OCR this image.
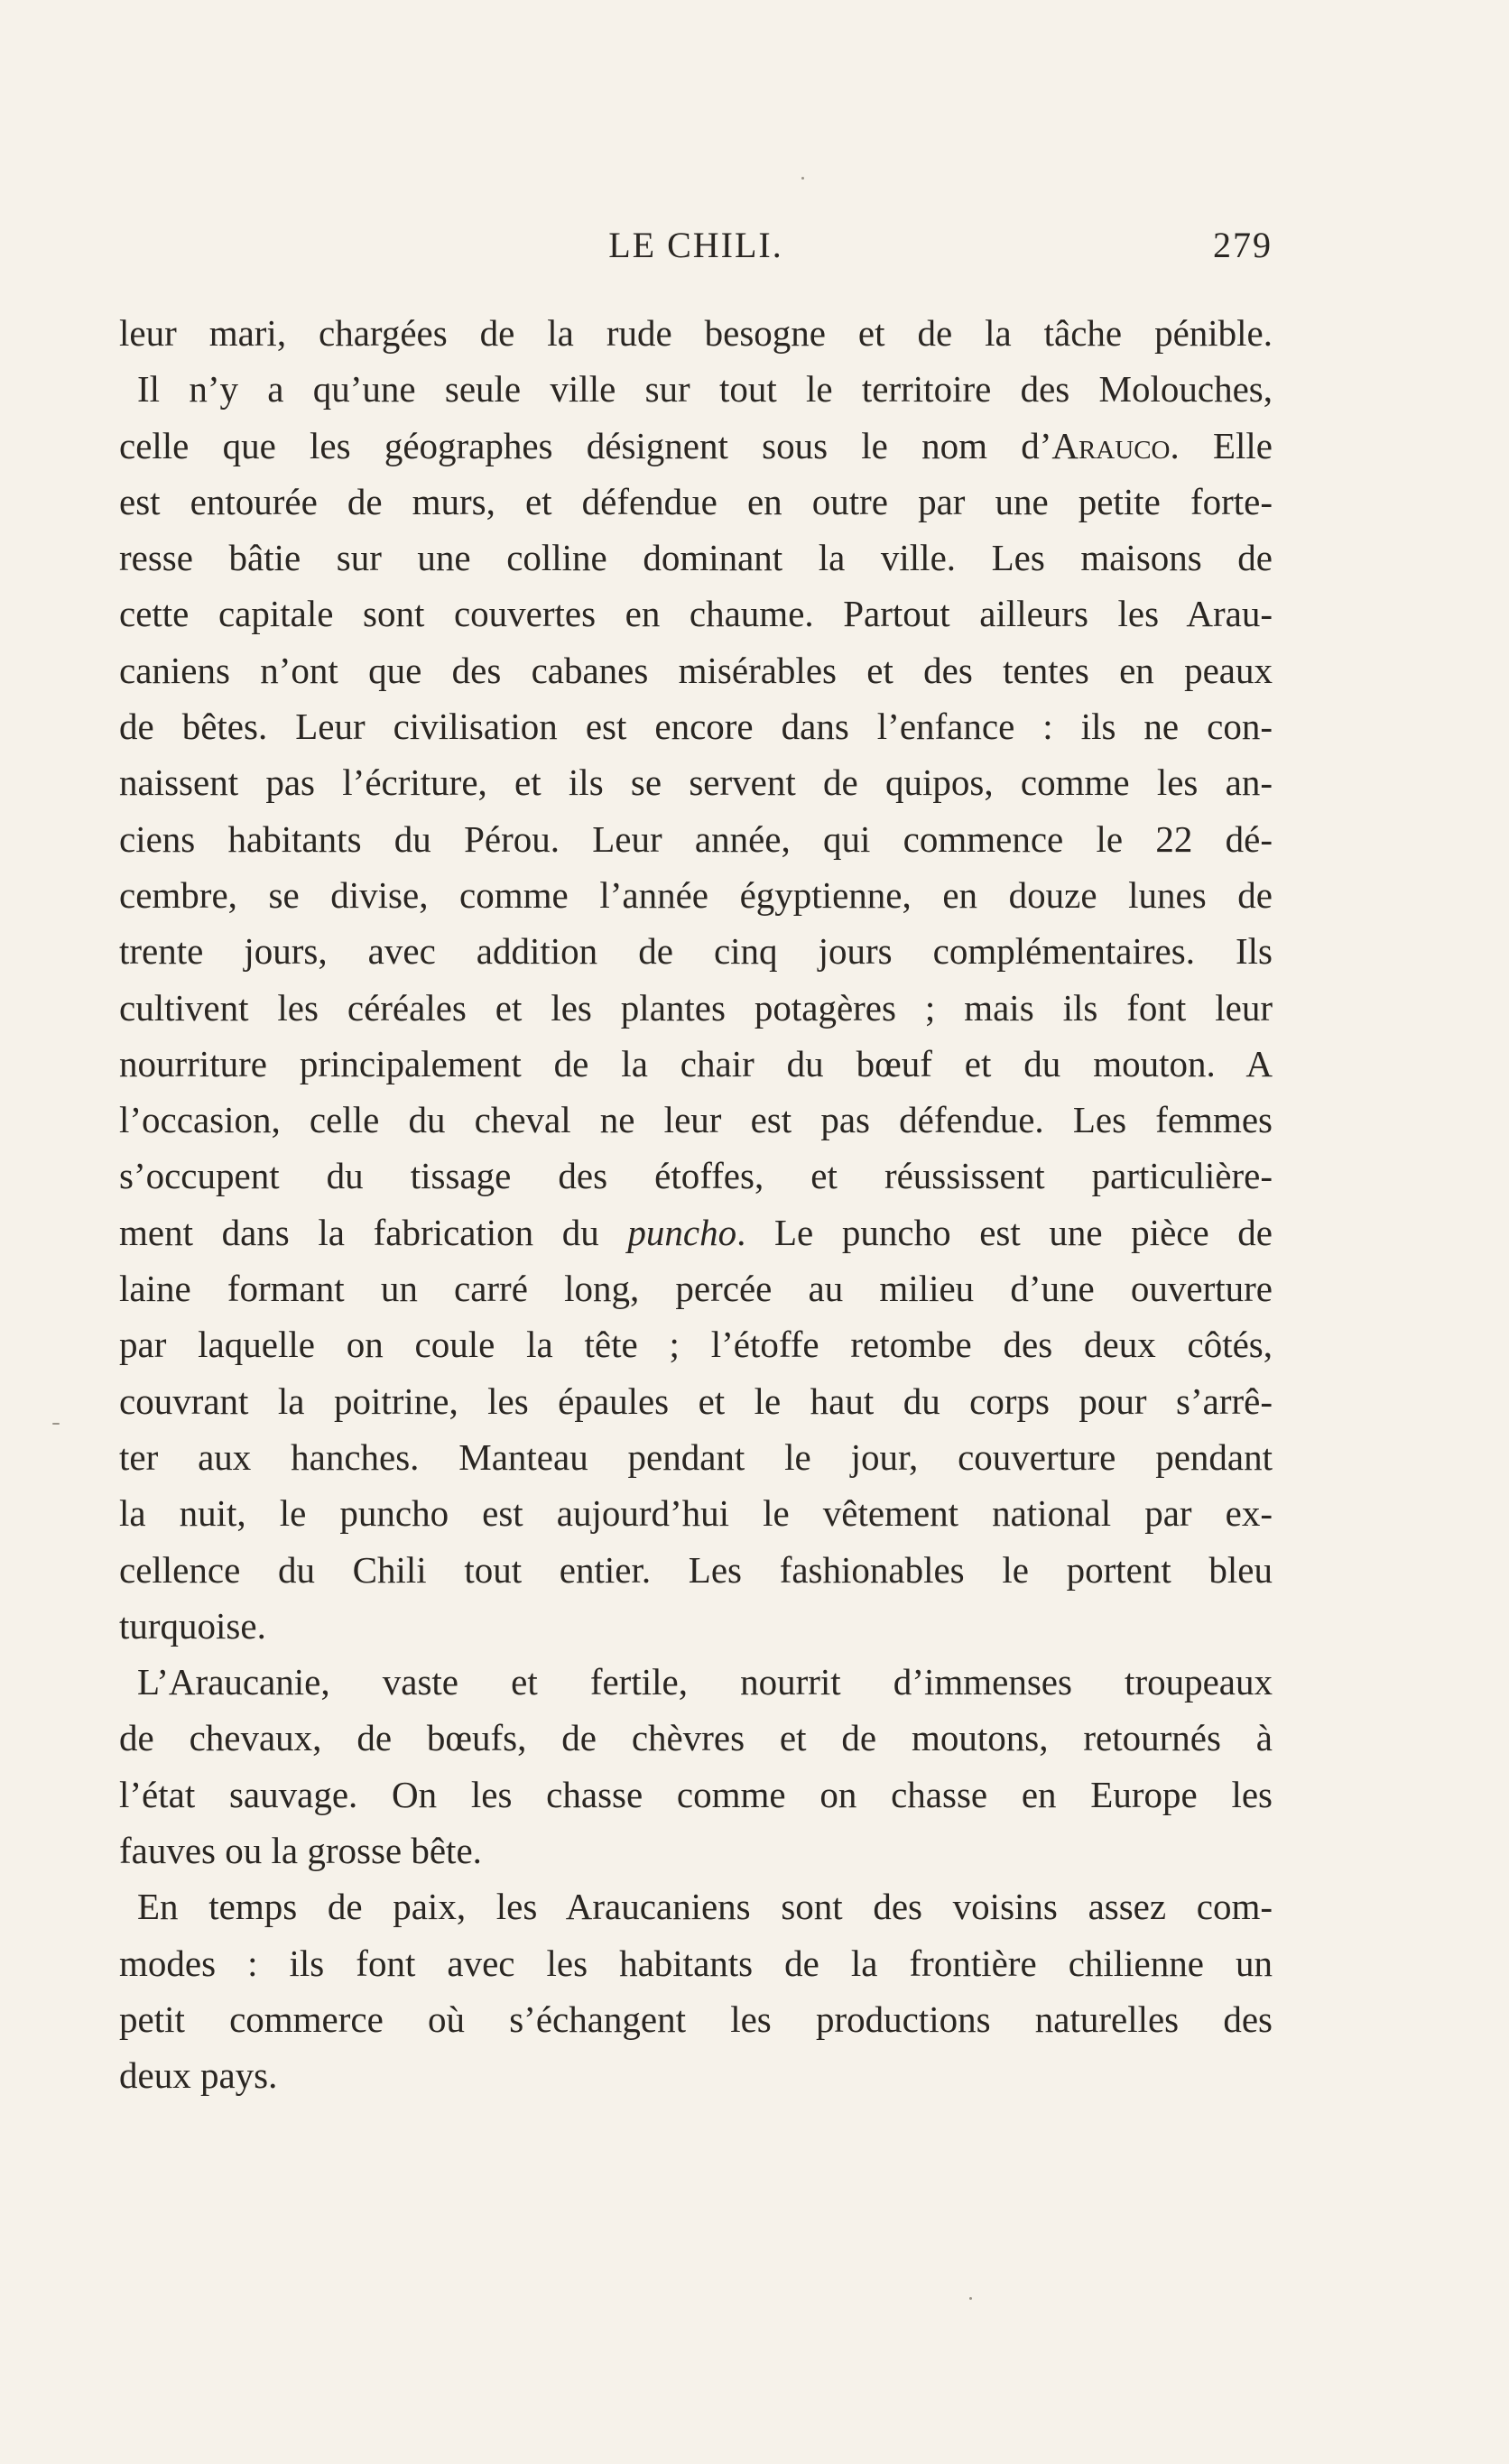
LE CHILI.	279
leur mari, chargées de la rude besogne et de la tâche pénible.
Il n’y a qu’une seule ville sur tout le territoire des Molouches,
celle que les géographes désignent sous le nom d’Arauco. Elle
est entourée de murs, et défendue en outre par une petite forte-
resse bâtie sur une colline dominant la ville. Les maisons de
cette capitale sont couvertes en chaume. Partout ailleurs les Arau-
caniens n’ont que des cabanes misérables et des tentes en peaux
de bêtes. Leur civilisation est encore dans l’enfance : ils ne con-
naissent pas l’écriture, et ils se servent de quipos, comme les an-
ciens habitants du Pérou. Leur année, qui commence le 22 dé-
cembre, se divise, comme l’année égyptienne, en douze lunes de
trente jours, avec addition de cinq jours complémentaires. Ils
cultivent les céréales et les plantes potagères ; mais ils font leur
nourriture principalement de la chair du bœuf et du mouton. A
l’occasion, celle du cheval ne leur est pas défendue. Les femmes
s’occupent du tissage des étoffes, et réussissent particulière-
ment dans la fabrication du puncho. Le puncho est une pièce de
laine formant un carré long, percée au milieu d’une ouverture
par laquelle on coule la tête ; l’étoffe retombe des deux côtés,
couvrant la poitrine, les épaules et le haut du corps pour s’arrê-
ter aux hanches. Manteau pendant le jour, couverture pendant
la nuit, le puncho est aujourd’hui le vêtement national par ex-
cellence du Chili tout entier. Les fashionables le portent bleu
turquoise.
L’Araucanie, vaste et fertile, nourrit d’immenses troupeaux
de chevaux, de bœufs, de chèvres et de moutons, retournés à
l’état sauvage. On les chasse comme on chasse en Europe les
fauves ou la grosse bête.
En temps de paix, les Araucaniens sont des voisins assez com-
modes : ils font avec les habitants de la frontière chilienne un
petit commerce où s’échangent les productions naturelles des
deux pays.
